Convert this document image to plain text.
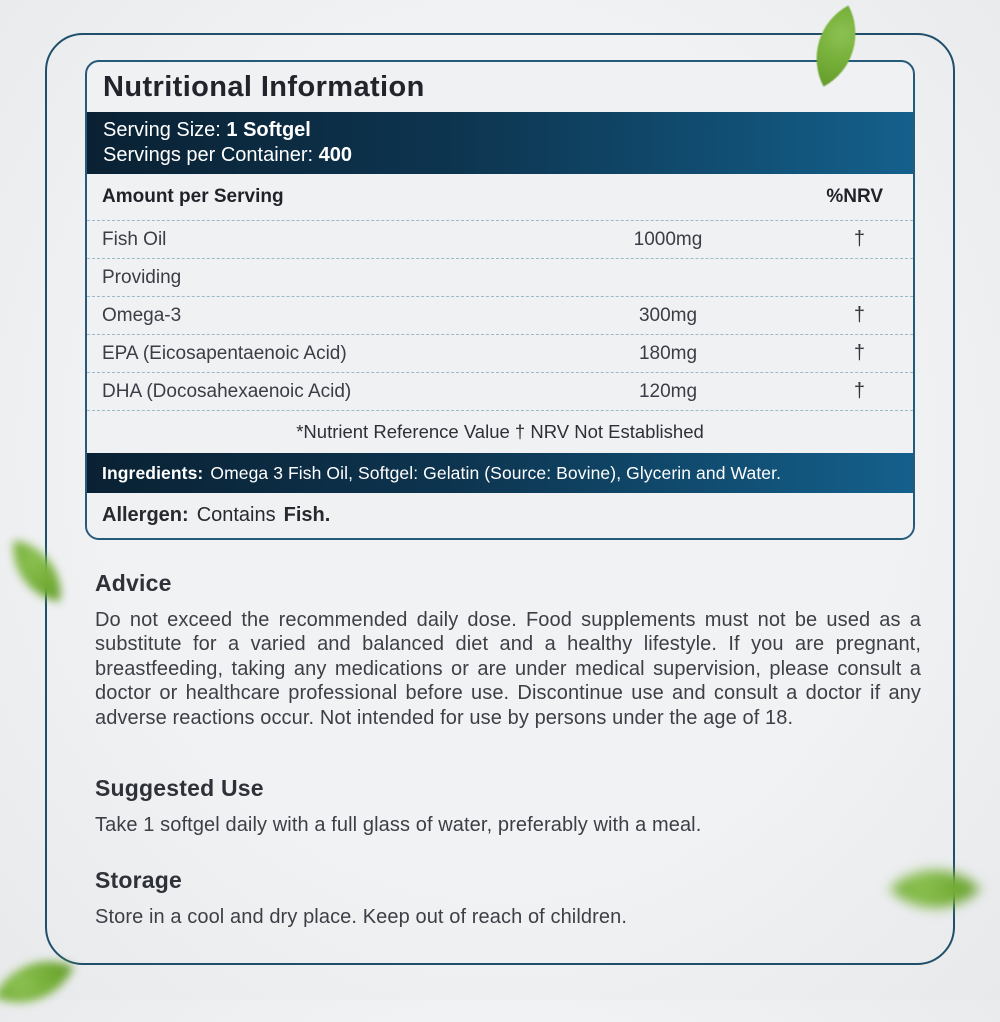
Nutritional Information
Serving Size: 1 Softgel
Servings per Container: 400
Amount per Serving	%NRV
Fish Oil	1000mg	†
Providing
Omega-3	300mg	†
EPA (Eicosapentaenoic Acid)	180mg	†
DHA (Docosahexaenoic Acid)	120mg	†
*Nutrient Reference Value † NRV Not Established
Ingredients: Omega 3 Fish Oil, Softgel: Gelatin (Source: Bovine), Glycerin and Water.
Allergen: Contains Fish.
Advice

Do not exceed the recommended daily dose. Food supplements must not be used as a substitute for a varied and balanced diet and a healthy lifestyle. If you are pregnant, breastfeeding, taking any medications or are under medical supervision, please consult a doctor or healthcare professional before use. Discontinue use and consult a doctor if any adverse reactions occur. Not intended for use by persons under the age of 18.

Suggested Use

Take 1 softgel daily with a full glass of water, preferably with a meal.

Storage

Store in a cool and dry place. Keep out of reach of children.
